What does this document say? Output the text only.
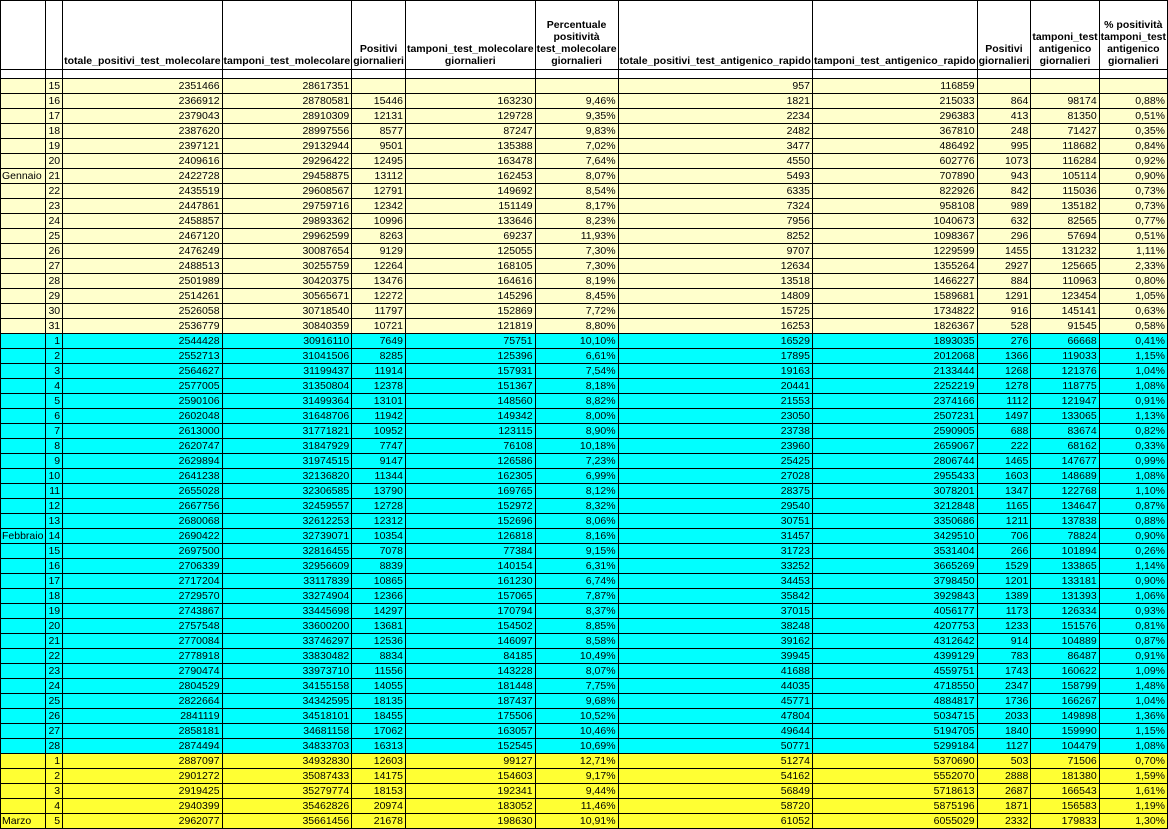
		totale_positivi_test_molecolare	tamponi_test_molecolare	Positivi giornalieri	tamponi_test_molecolare giornalieri	Percentuale positività test_molecolare giornalieri	totale_positivi_test_antigenico_rapido	tamponi_test_antigenico_rapido	Positivi giornalieri	tamponi_test antigenico giornalieri	% positività tamponi_test antigenico giornalieri

	15	2351466	28617351				957	116859			
	16	2366912	28780581	15446	163230	9,46%	1821	215033	864	98174	0,88%
	17	2379043	28910309	12131	129728	9,35%	2234	296383	413	81350	0,51%
	18	2387620	28997556	8577	87247	9,83%	2482	367810	248	71427	0,35%
	19	2397121	29132944	9501	135388	7,02%	3477	486492	995	118682	0,84%
	20	2409616	29296422	12495	163478	7,64%	4550	602776	1073	116284	0,92%
Gennaio	21	2422728	29458875	13112	162453	8,07%	5493	707890	943	105114	0,90%
	22	2435519	29608567	12791	149692	8,54%	6335	822926	842	115036	0,73%
	23	2447861	29759716	12342	151149	8,17%	7324	958108	989	135182	0,73%
	24	2458857	29893362	10996	133646	8,23%	7956	1040673	632	82565	0,77%
	25	2467120	29962599	8263	69237	11,93%	8252	1098367	296	57694	0,51%
	26	2476249	30087654	9129	125055	7,30%	9707	1229599	1455	131232	1,11%
	27	2488513	30255759	12264	168105	7,30%	12634	1355264	2927	125665	2,33%
	28	2501989	30420375	13476	164616	8,19%	13518	1466227	884	110963	0,80%
	29	2514261	30565671	12272	145296	8,45%	14809	1589681	1291	123454	1,05%
	30	2526058	30718540	11797	152869	7,72%	15725	1734822	916	145141	0,63%
	31	2536779	30840359	10721	121819	8,80%	16253	1826367	528	91545	0,58%
	1	2544428	30916110	7649	75751	10,10%	16529	1893035	276	66668	0,41%
	2	2552713	31041506	8285	125396	6,61%	17895	2012068	1366	119033	1,15%
	3	2564627	31199437	11914	157931	7,54%	19163	2133444	1268	121376	1,04%
	4	2577005	31350804	12378	151367	8,18%	20441	2252219	1278	118775	1,08%
	5	2590106	31499364	13101	148560	8,82%	21553	2374166	1112	121947	0,91%
	6	2602048	31648706	11942	149342	8,00%	23050	2507231	1497	133065	1,13%
	7	2613000	31771821	10952	123115	8,90%	23738	2590905	688	83674	0,82%
	8	2620747	31847929	7747	76108	10,18%	23960	2659067	222	68162	0,33%
	9	2629894	31974515	9147	126586	7,23%	25425	2806744	1465	147677	0,99%
	10	2641238	32136820	11344	162305	6,99%	27028	2955433	1603	148689	1,08%
	11	2655028	32306585	13790	169765	8,12%	28375	3078201	1347	122768	1,10%
	12	2667756	32459557	12728	152972	8,32%	29540	3212848	1165	134647	0,87%
	13	2680068	32612253	12312	152696	8,06%	30751	3350686	1211	137838	0,88%
Febbraio	14	2690422	32739071	10354	126818	8,16%	31457	3429510	706	78824	0,90%
	15	2697500	32816455	7078	77384	9,15%	31723	3531404	266	101894	0,26%
	16	2706339	32956609	8839	140154	6,31%	33252	3665269	1529	133865	1,14%
	17	2717204	33117839	10865	161230	6,74%	34453	3798450	1201	133181	0,90%
	18	2729570	33274904	12366	157065	7,87%	35842	3929843	1389	131393	1,06%
	19	2743867	33445698	14297	170794	8,37%	37015	4056177	1173	126334	0,93%
	20	2757548	33600200	13681	154502	8,85%	38248	4207753	1233	151576	0,81%
	21	2770084	33746297	12536	146097	8,58%	39162	4312642	914	104889	0,87%
	22	2778918	33830482	8834	84185	10,49%	39945	4399129	783	86487	0,91%
	23	2790474	33973710	11556	143228	8,07%	41688	4559751	1743	160622	1,09%
	24	2804529	34155158	14055	181448	7,75%	44035	4718550	2347	158799	1,48%
	25	2822664	34342595	18135	187437	9,68%	45771	4884817	1736	166267	1,04%
	26	2841119	34518101	18455	175506	10,52%	47804	5034715	2033	149898	1,36%
	27	2858181	34681158	17062	163057	10,46%	49644	5194705	1840	159990	1,15%
	28	2874494	34833703	16313	152545	10,69%	50771	5299184	1127	104479	1,08%
	1	2887097	34932830	12603	99127	12,71%	51274	5370690	503	71506	0,70%
	2	2901272	35087433	14175	154603	9,17%	54162	5552070	2888	181380	1,59%
	3	2919425	35279774	18153	192341	9,44%	56849	5718613	2687	166543	1,61%
	4	2940399	35462826	20974	183052	11,46%	58720	5875196	1871	156583	1,19%
Marzo	5	2962077	35661456	21678	198630	10,91%	61052	6055029	2332	179833	1,30%
